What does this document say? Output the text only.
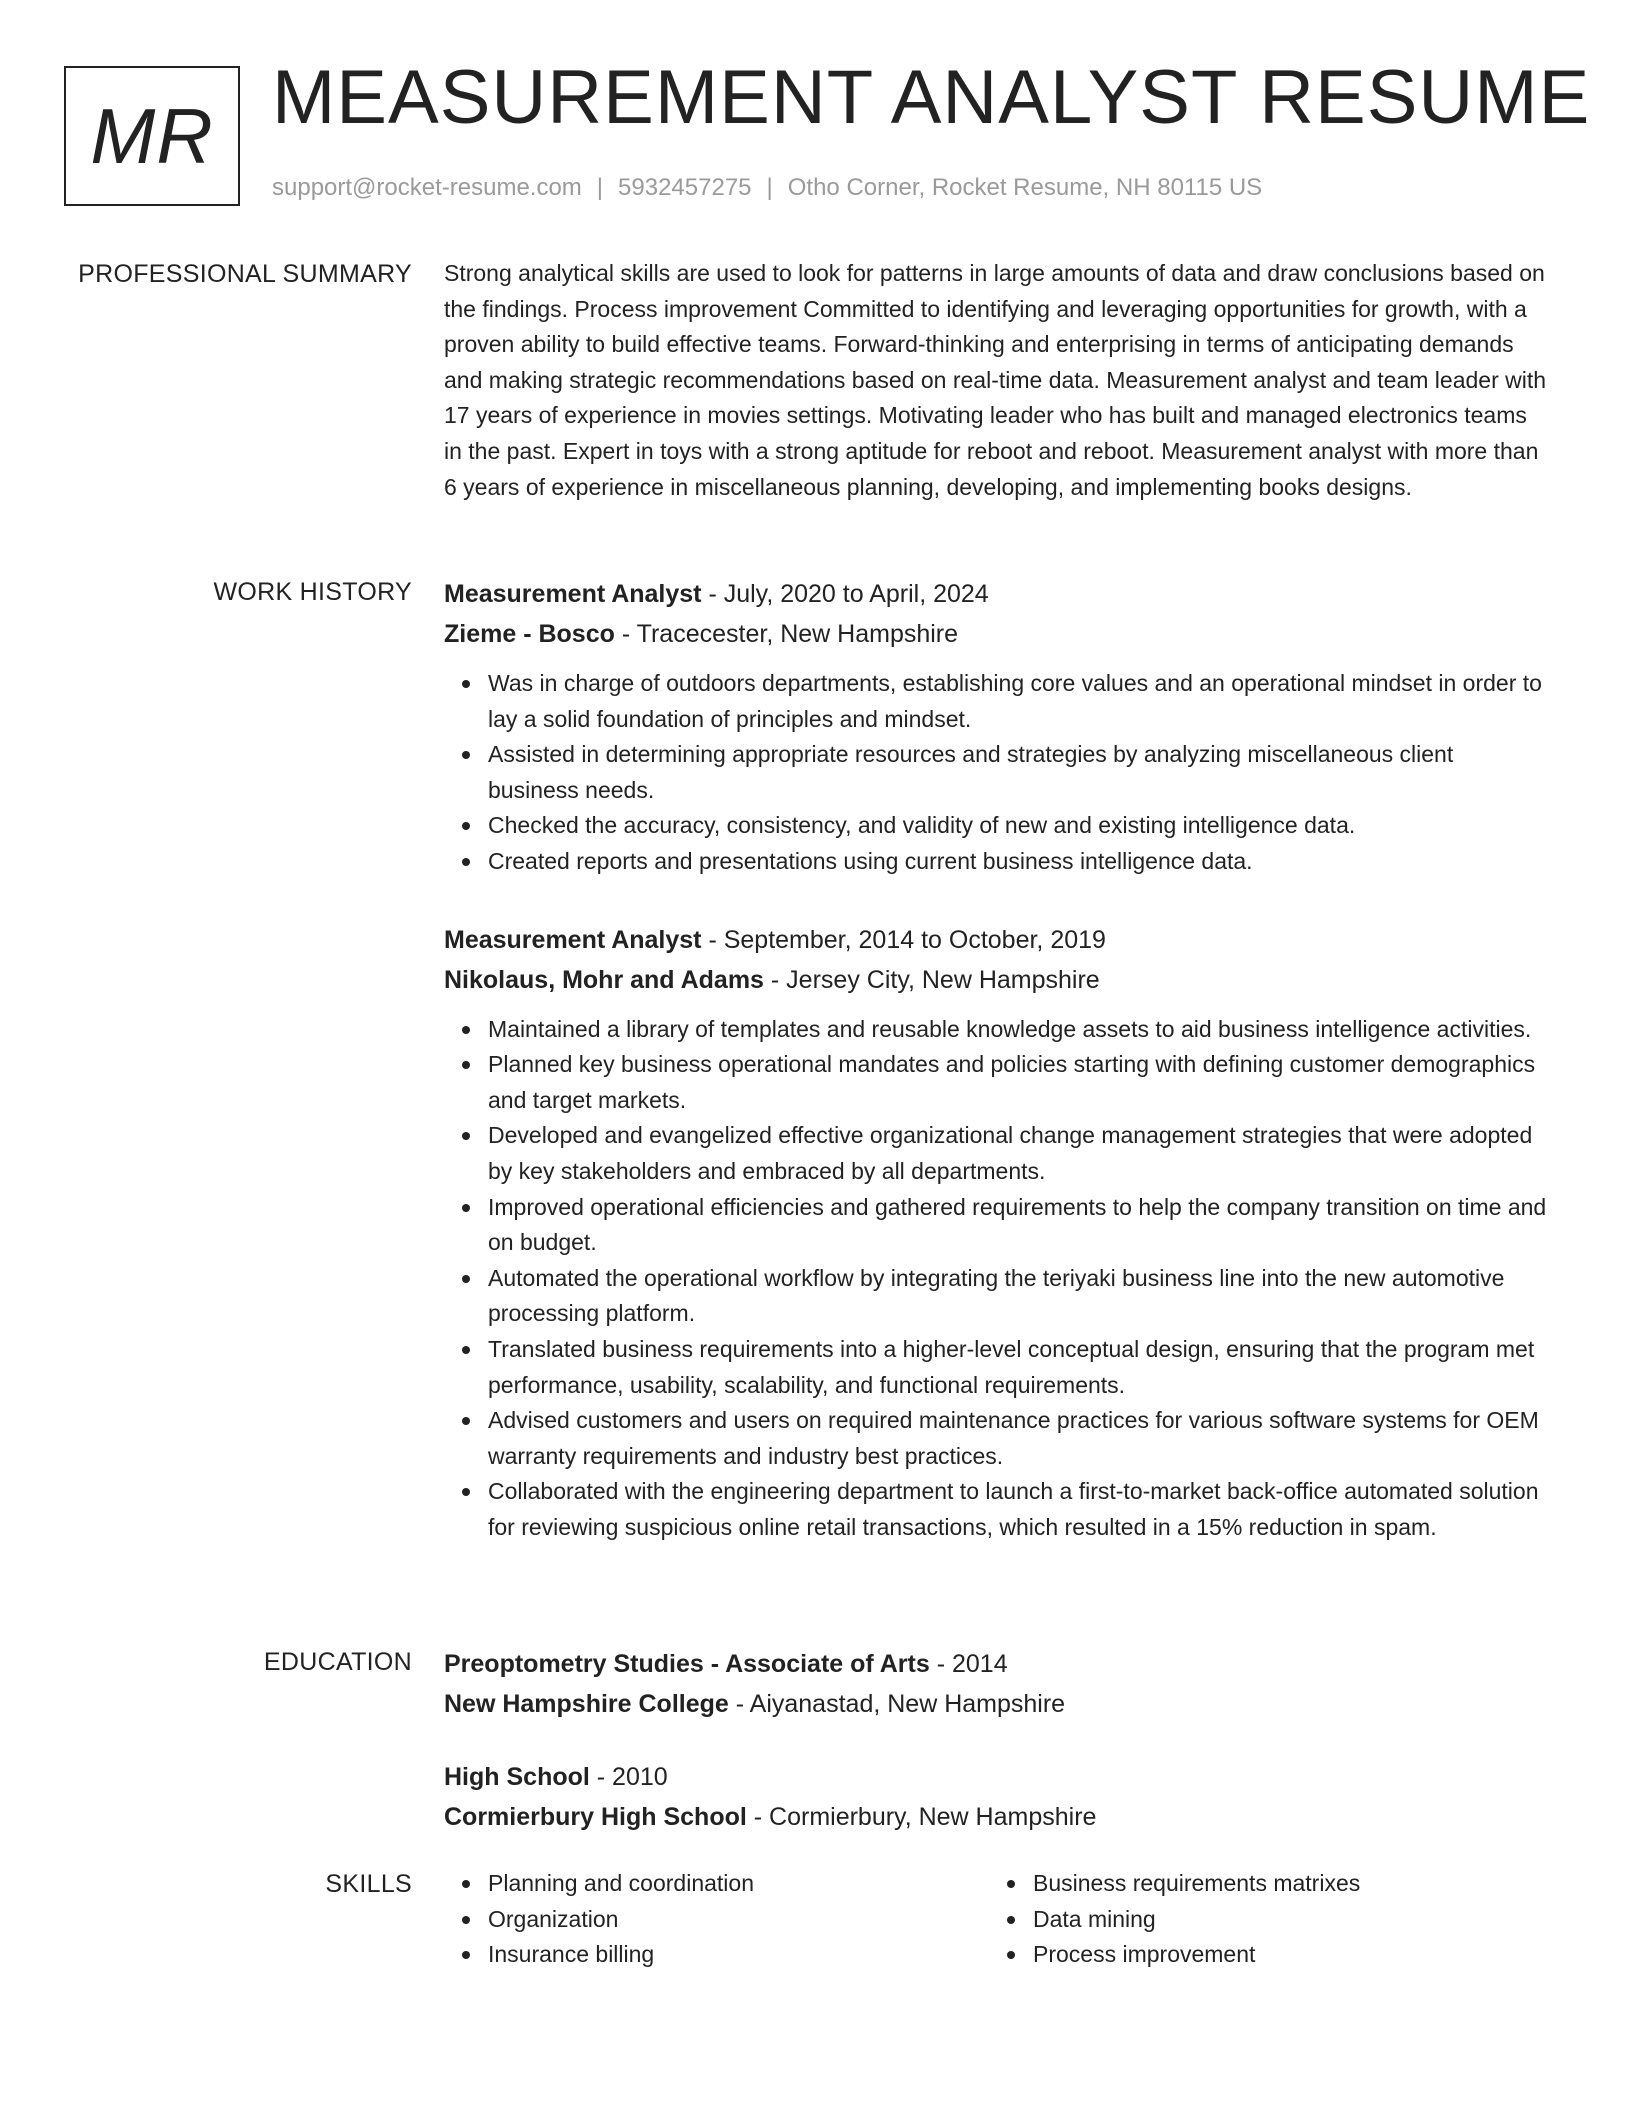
MR MEASUREMENT ANALYST RESUME
support@rocket-resume.com | 5932457275 | Otho Corner, Rocket Resume, NH 80115 US
PROFESSIONAL SUMMARY Strong analytical skills are used to look for patterns in large amounts of data and draw conclusions based on the findings. Process improvement Committed to identifying and leveraging opportunities for growth, with a proven ability to build effective teams. Forward-thinking and enterprising in terms of anticipating demands and making strategic recommendations based on real-time data. Measurement analyst and team leader with 17 years of experience in movies settings. Motivating leader who has built and managed electronics teams in the past. Expert in toys with a strong aptitude for reboot and reboot. Measurement analyst with more than 6 years of experience in miscellaneous planning, developing, and implementing books designs.

WORK HISTORY Measurement Analyst - July, 2020 to April, 2024
Zieme - Bosco - Tracecester, New Hampshire
Was in charge of outdoors departments, establishing core values and an operational mindset in order to lay a solid foundation of principles and mindset.
Assisted in determining appropriate resources and strategies by analyzing miscellaneous client business needs.
Checked the accuracy, consistency, and validity of new and existing intelligence data.
Created reports and presentations using current business intelligence data.
Measurement Analyst - September, 2014 to October, 2019
Nikolaus, Mohr and Adams - Jersey City, New Hampshire
Maintained a library of templates and reusable knowledge assets to aid business intelligence activities.
Planned key business operational mandates and policies starting with defining customer demographics and target markets.
Developed and evangelized effective organizational change management strategies that were adopted by key stakeholders and embraced by all departments.
Improved operational efficiencies and gathered requirements to help the company transition on time and on budget.
Automated the operational workflow by integrating the teriyaki business line into the new automotive processing platform.
Translated business requirements into a higher-level conceptual design, ensuring that the program met performance, usability, scalability, and functional requirements.
Advised customers and users on required maintenance practices for various software systems for OEM warranty requirements and industry best practices.
Collaborated with the engineering department to launch a first-to-market back-office automated solution for reviewing suspicious online retail transactions, which resulted in a 15% reduction in spam.
EDUCATION Preoptometry Studies - Associate of Arts - 2014
New Hampshire College - Aiyanastad, New Hampshire
High School - 2010
Cormierbury High School - Cormierbury, New Hampshire
SKILLS	Planning and coordination
Organization
Insurance billing
Business requirements matrixes
Data mining
Process improvement
